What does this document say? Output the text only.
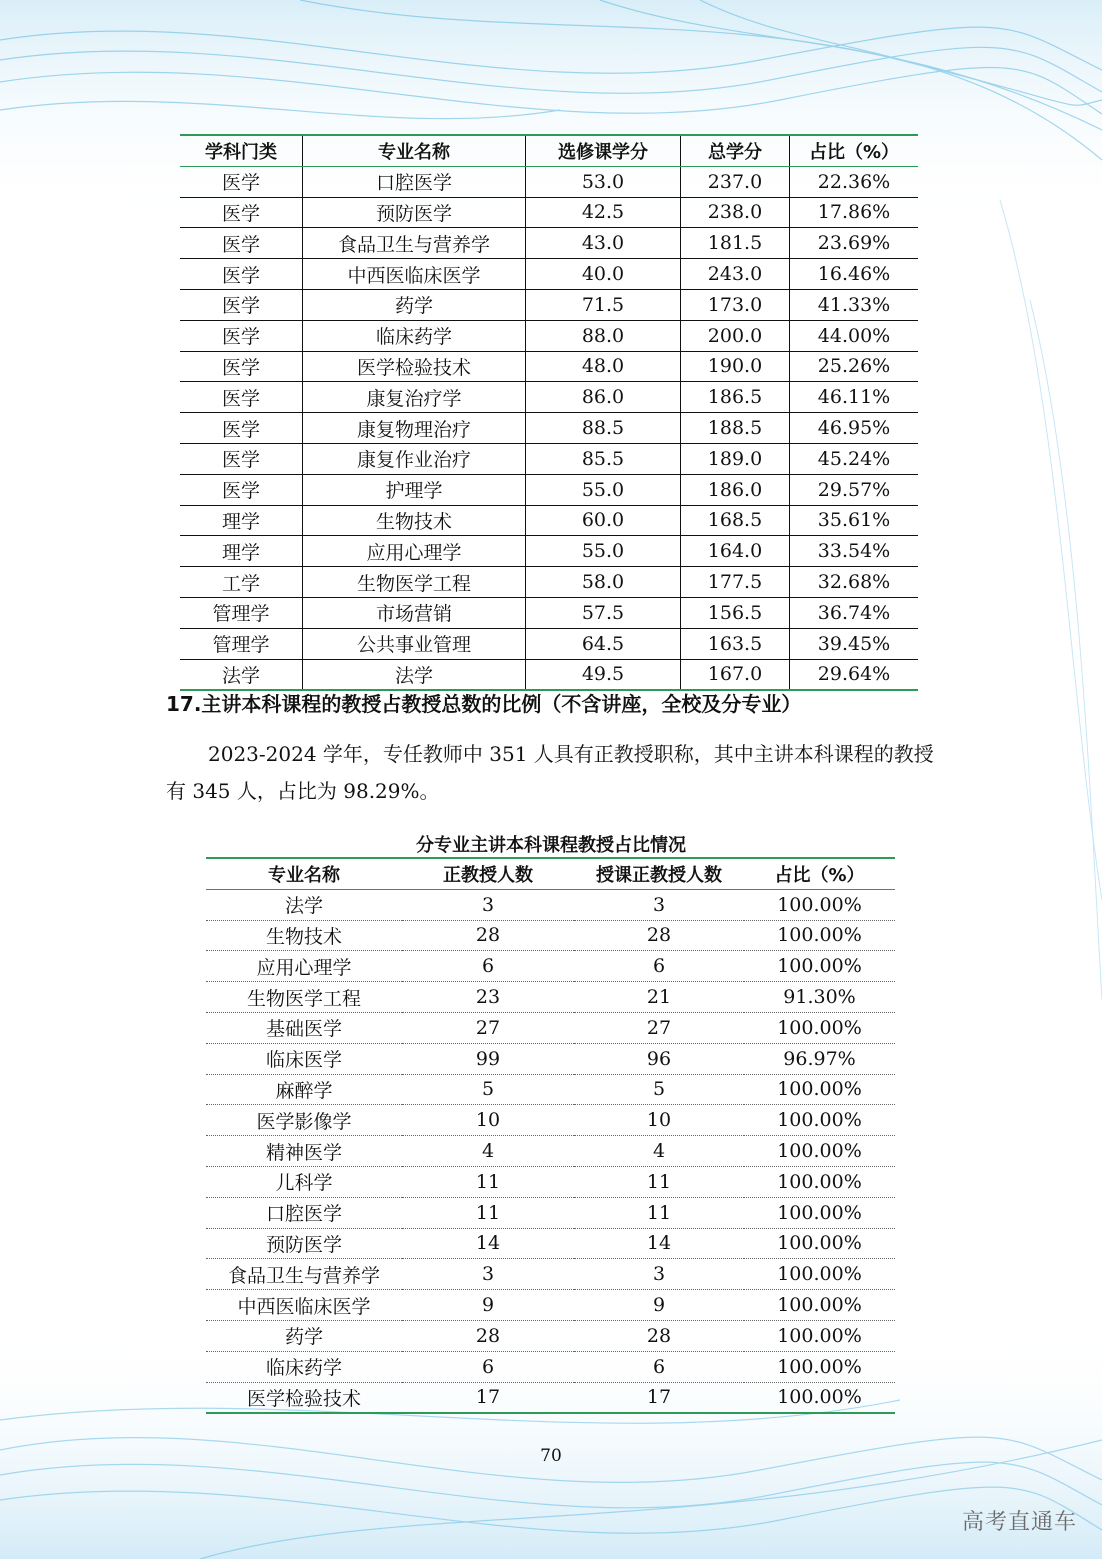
学科门类	专业名称	选修课学分	总学分	占比（%）
医学	口腔医学	53.0	237.0	22.36%
医学	预防医学	42.5	238.0	17.86%
医学	食品卫生与营养学	43.0	181.5	23.69%
医学	中西医临床医学	40.0	243.0	16.46%
医学	药学	71.5	173.0	41.33%
医学	临床药学	88.0	200.0	44.00%
医学	医学检验技术	48.0	190.0	25.26%
医学	康复治疗学	86.0	186.5	46.11%
医学	康复物理治疗	88.5	188.5	46.95%
医学	康复作业治疗	85.5	189.0	45.24%
医学	护理学	55.0	186.0	29.57%
理学	生物技术	60.0	168.5	35.61%
理学	应用心理学	55.0	164.0	33.54%
工学	生物医学工程	58.0	177.5	32.68%
管理学	市场营销	57.5	156.5	36.74%
管理学	公共事业管理	64.5	163.5	39.45%
法学	法学	49.5	167.0	29.64%
17.主讲本科课程的教授占教授总数的比例（不含讲座，全校及分专业）
2023-2024 学年，专任教师中 351 人具有正教授职称，其中主讲本科课程的教授有 345 人，占比为 98.29%。
分专业主讲本科课程教授占比情况
专业名称	正教授人数	授课正教授人数	占比（%）
法学	3	3	100.00%
生物技术	28	28	100.00%
应用心理学	6	6	100.00%
生物医学工程	23	21	91.30%
基础医学	27	27	100.00%
临床医学	99	96	96.97%
麻醉学	5	5	100.00%
医学影像学	10	10	100.00%
精神医学	4	4	100.00%
儿科学	11	11	100.00%
口腔医学	11	11	100.00%
预防医学	14	14	100.00%
食品卫生与营养学	3	3	100.00%
中西医临床医学	9	9	100.00%
药学	28	28	100.00%
临床药学	6	6	100.00%
医学检验技术	17	17	100.00%
70
高考直通车
